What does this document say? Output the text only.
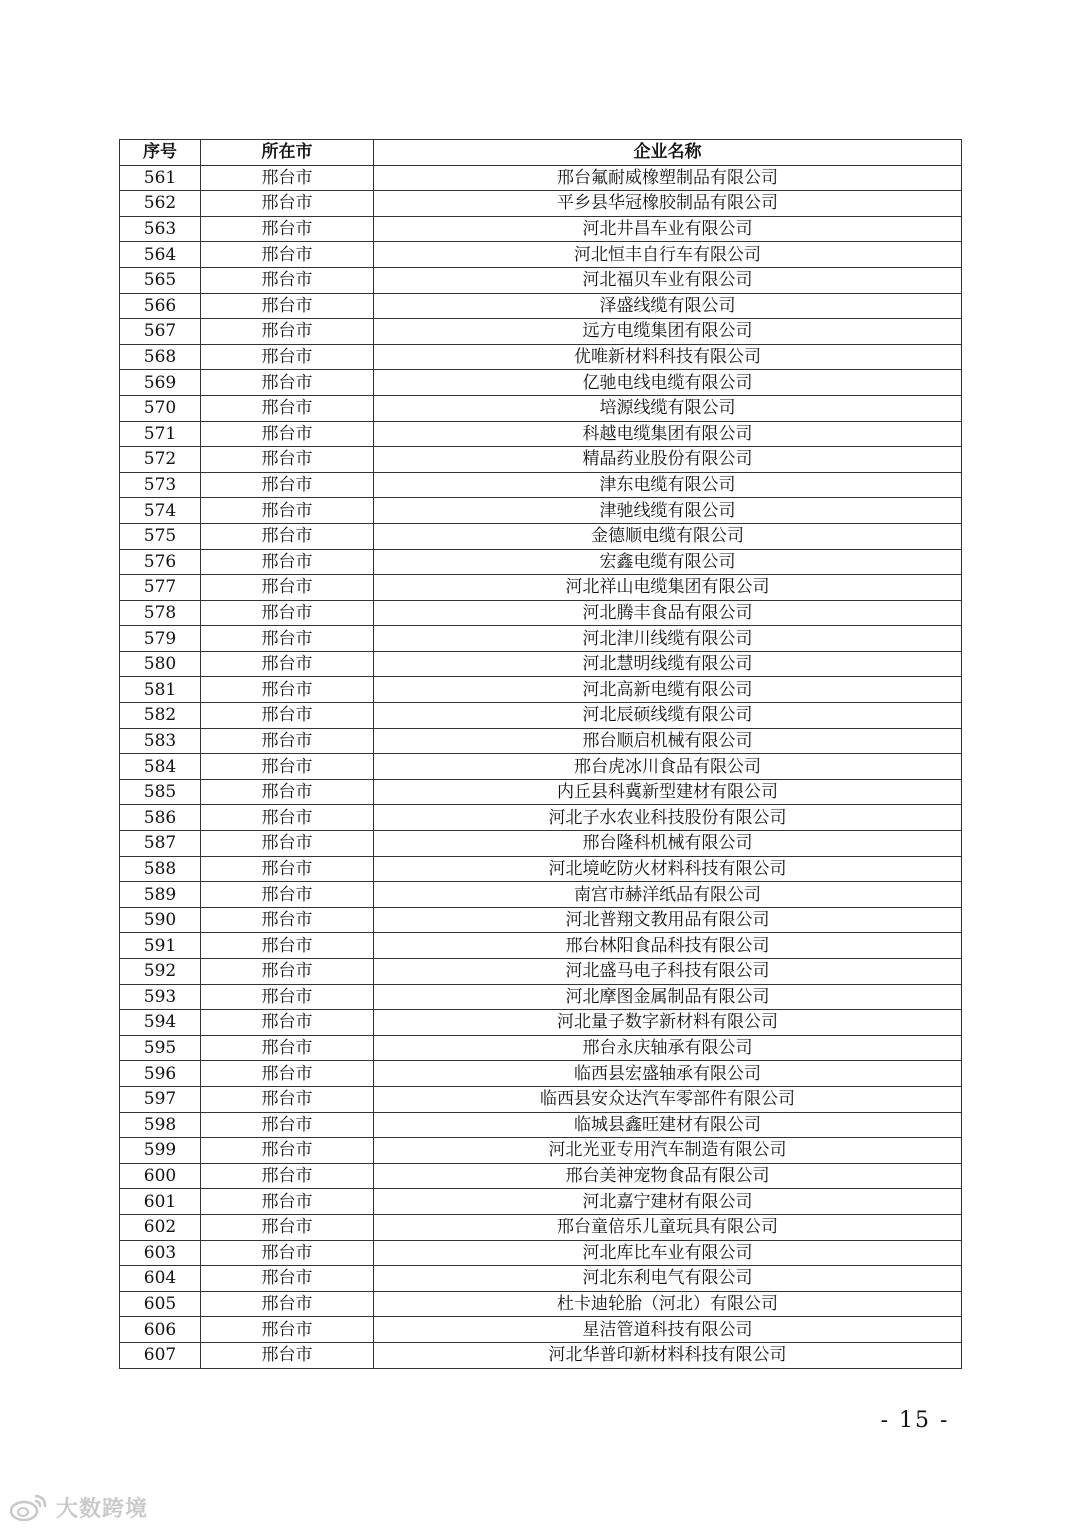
序号	所在市	企业名称
561	邢台市	邢台氟耐威橡塑制品有限公司
562	邢台市	平乡县华冠橡胶制品有限公司
563	邢台市	河北井昌车业有限公司
564	邢台市	河北恒丰自行车有限公司
565	邢台市	河北福贝车业有限公司
566	邢台市	泽盛线缆有限公司
567	邢台市	远方电缆集团有限公司
568	邢台市	优唯新材料科技有限公司
569	邢台市	亿驰电线电缆有限公司
570	邢台市	培源线缆有限公司
571	邢台市	科越电缆集团有限公司
572	邢台市	精晶药业股份有限公司
573	邢台市	津东电缆有限公司
574	邢台市	津驰线缆有限公司
575	邢台市	金德顺电缆有限公司
576	邢台市	宏鑫电缆有限公司
577	邢台市	河北祥山电缆集团有限公司
578	邢台市	河北腾丰食品有限公司
579	邢台市	河北津川线缆有限公司
580	邢台市	河北慧明线缆有限公司
581	邢台市	河北高新电缆有限公司
582	邢台市	河北辰硕线缆有限公司
583	邢台市	邢台顺启机械有限公司
584	邢台市	邢台虎冰川食品有限公司
585	邢台市	内丘县科冀新型建材有限公司
586	邢台市	河北子水农业科技股份有限公司
587	邢台市	邢台隆科机械有限公司
588	邢台市	河北境屹防火材料科技有限公司
589	邢台市	南宫市赫洋纸品有限公司
590	邢台市	河北普翔文教用品有限公司
591	邢台市	邢台林阳食品科技有限公司
592	邢台市	河北盛马电子科技有限公司
593	邢台市	河北摩图金属制品有限公司
594	邢台市	河北量子数字新材料有限公司
595	邢台市	邢台永庆轴承有限公司
596	邢台市	临西县宏盛轴承有限公司
597	邢台市	临西县安众达汽车零部件有限公司
598	邢台市	临城县鑫旺建材有限公司
599	邢台市	河北光亚专用汽车制造有限公司
600	邢台市	邢台美神宠物食品有限公司
601	邢台市	河北嘉宁建材有限公司
602	邢台市	邢台童倍乐儿童玩具有限公司
603	邢台市	河北库比车业有限公司
604	邢台市	河北东利电气有限公司
605	邢台市	杜卡迪轮胎（河北）有限公司
606	邢台市	星洁管道科技有限公司
607	邢台市	河北华普印新材料科技有限公司
- 15 -
大数跨境
